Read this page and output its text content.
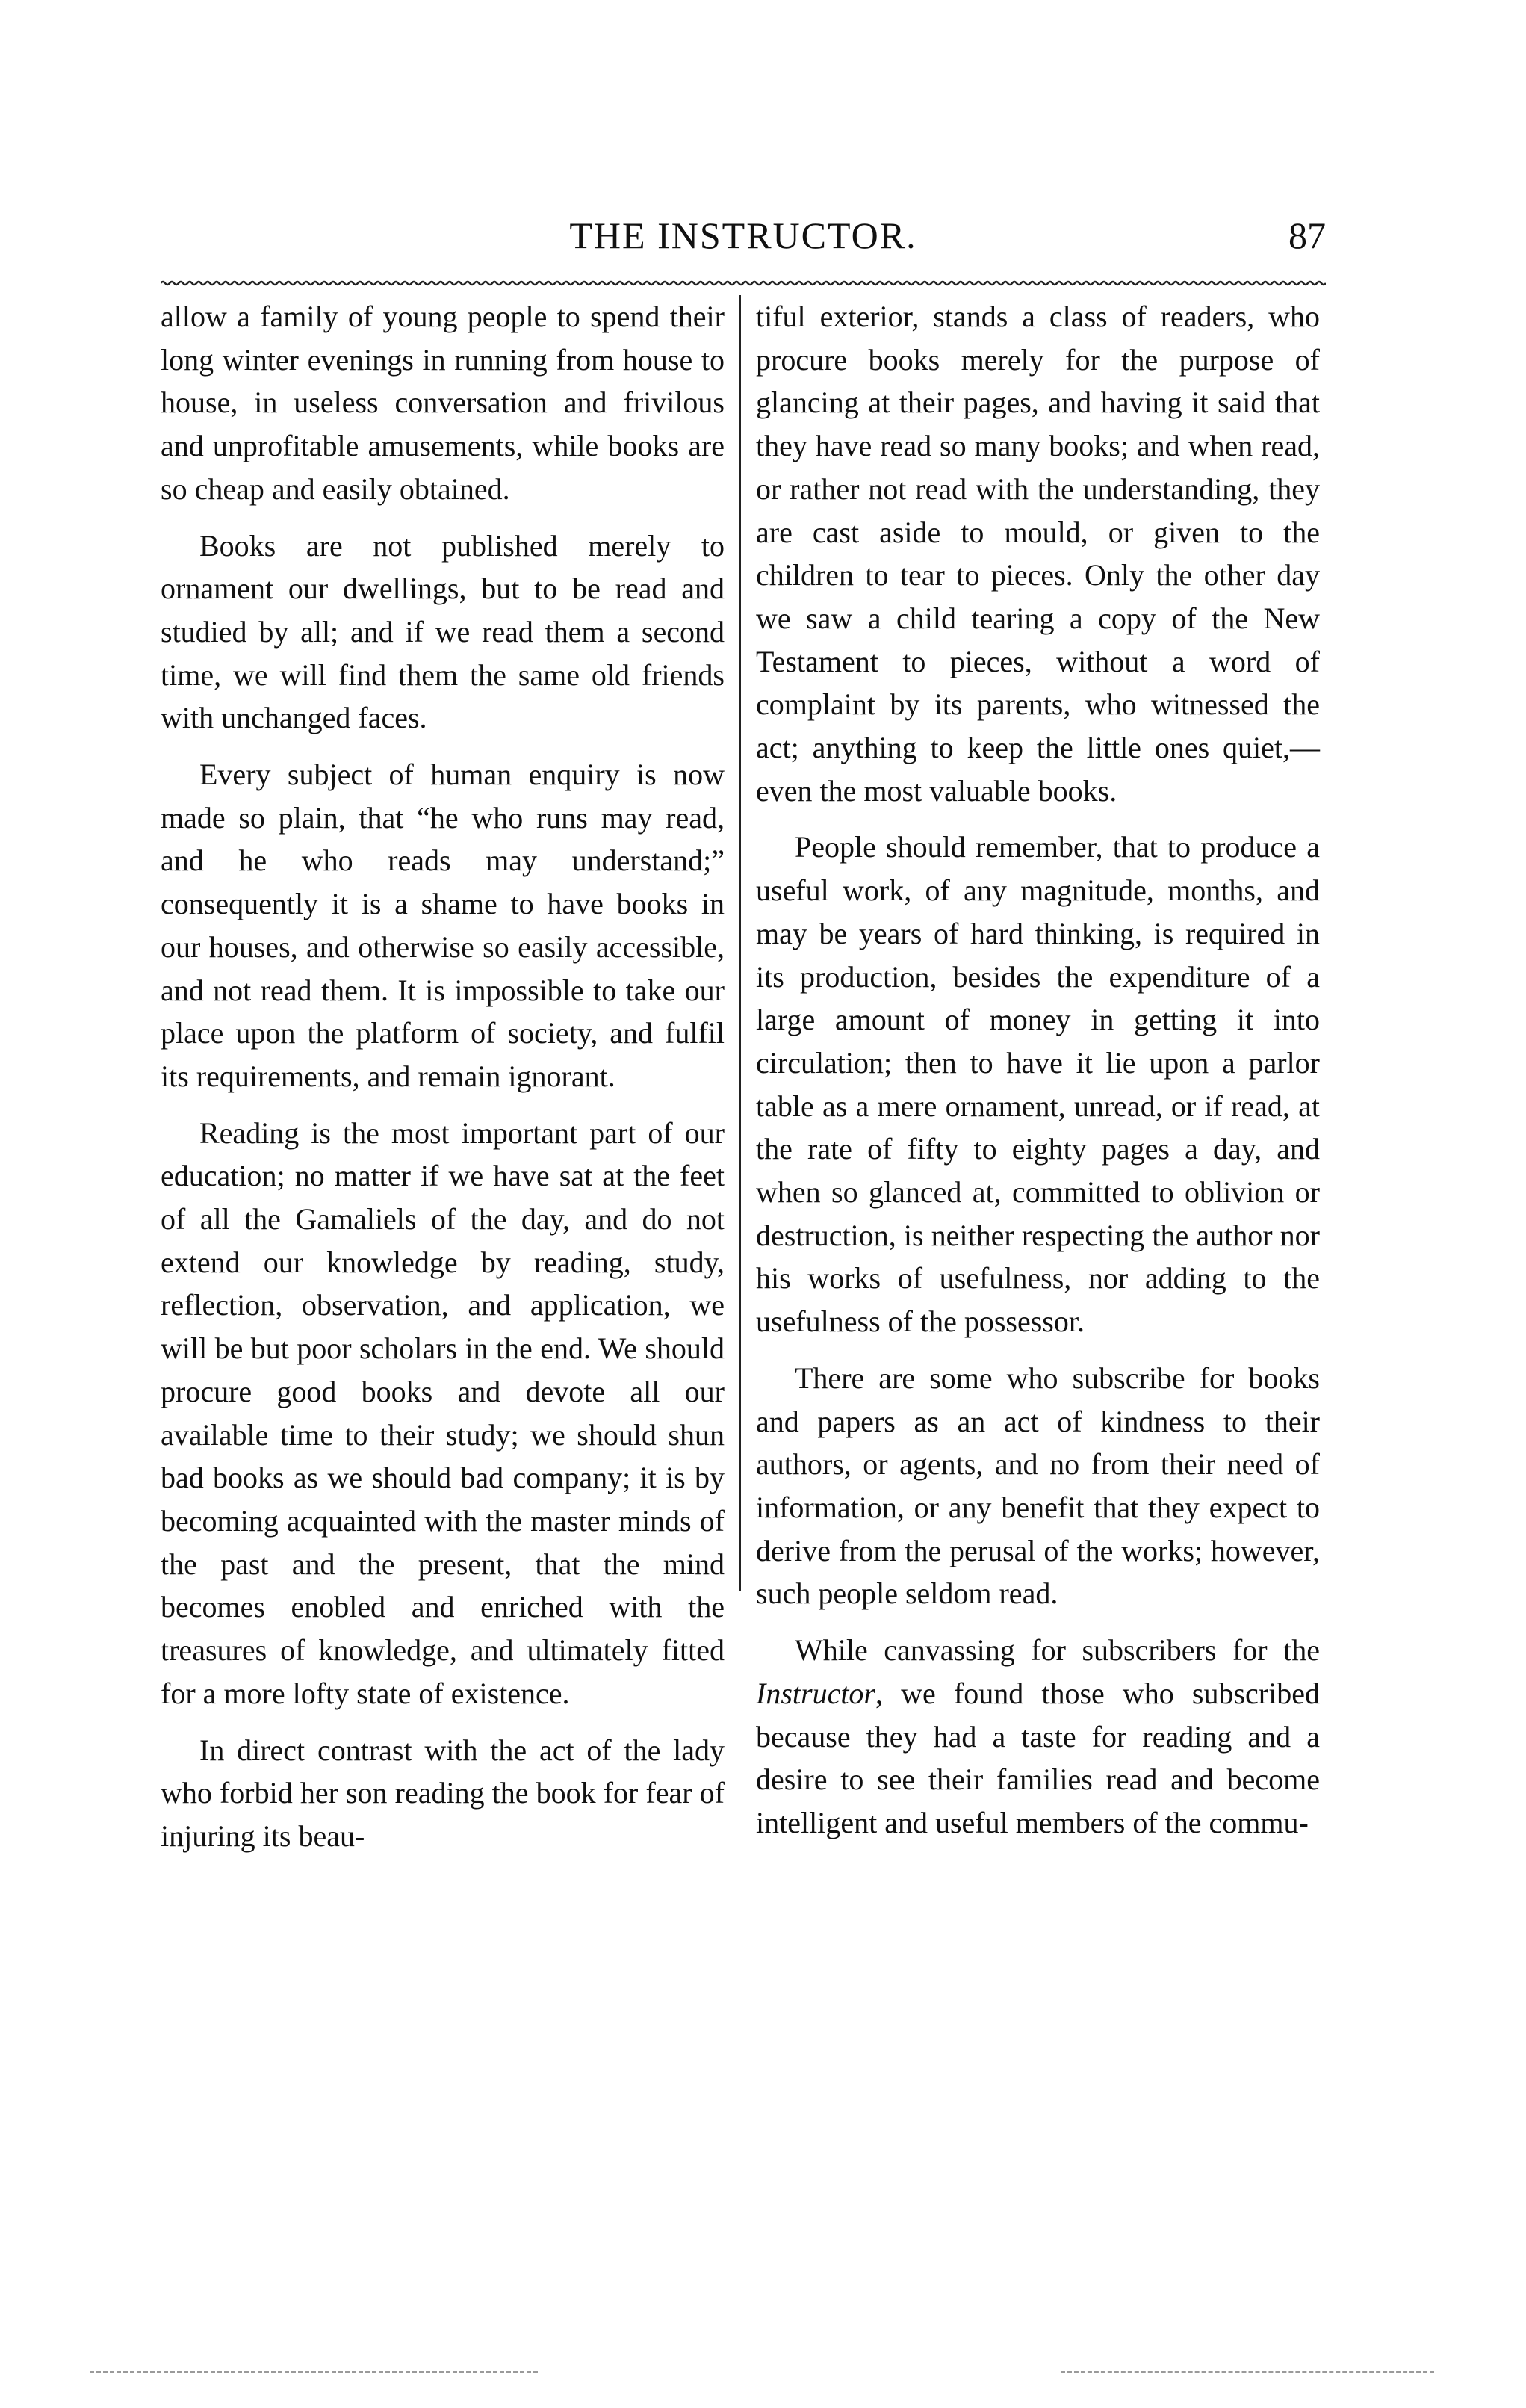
THE INSTRUCTOR.	87

allow a family of young people to spend their long winter evenings in running from house to house, in useless conversation and frivilous and unprofitable amusements, while books are so cheap and easily obtained.

Books are not published merely to ornament our dwellings, but to be read and studied by all; and if we read them a second time, we will find them the same old friends with unchanged faces.

Every subject of human enquiry is now made so plain, that “he who runs may read, and he who reads may understand;” consequently it is a shame to have books in our houses, and otherwise so easily accessible, and not read them. It is impossible to take our place upon the platform of society, and fulfil its requirements, and remain ignorant.

Reading is the most important part of our education; no matter if we have sat at the feet of all the Gamaliels of the day, and do not extend our knowledge by reading, study, reflection, observation, and application, we will be but poor scholars in the end. We should procure good books and devote all our available time to their study; we should shun bad books as we should bad company; it is by becoming acquainted with the master minds of the past and the present, that the mind becomes enobled and enriched with the treasures of knowledge, and ultimately fitted for a more lofty state of existence.

In direct contrast with the act of the lady who forbid her son reading the book for fear of injuring its beau-

tiful exterior, stands a class of readers, who procure books merely for the purpose of glancing at their pages, and having it said that they have read so many books; and when read, or rather not read with the understanding, they are cast aside to mould, or given to the children to tear to pieces. Only the other day we saw a child tearing a copy of the New Testament to pieces, without a word of complaint by its parents, who witnessed the act; anything to keep the little ones quiet,—even the most valuable books.

People should remember, that to produce a useful work, of any magnitude, months, and may be years of hard thinking, is required in its production, besides the expenditure of a large amount of money in getting it into circulation; then to have it lie upon a parlor table as a mere ornament, unread, or if read, at the rate of fifty to eighty pages a day, and when so glanced at, committed to oblivion or destruction, is neither respecting the author nor his works of usefulness, nor adding to the usefulness of the possessor.

There are some who subscribe for books and papers as an act of kindness to their authors, or agents, and no from their need of information, or any benefit that they expect to derive from the perusal of the works; however, such people seldom read.

While canvassing for subscribers for the Instructor, we found those who subscribed because they had a taste for reading and a desire to see their families read and become intelligent and useful members of the commu-
